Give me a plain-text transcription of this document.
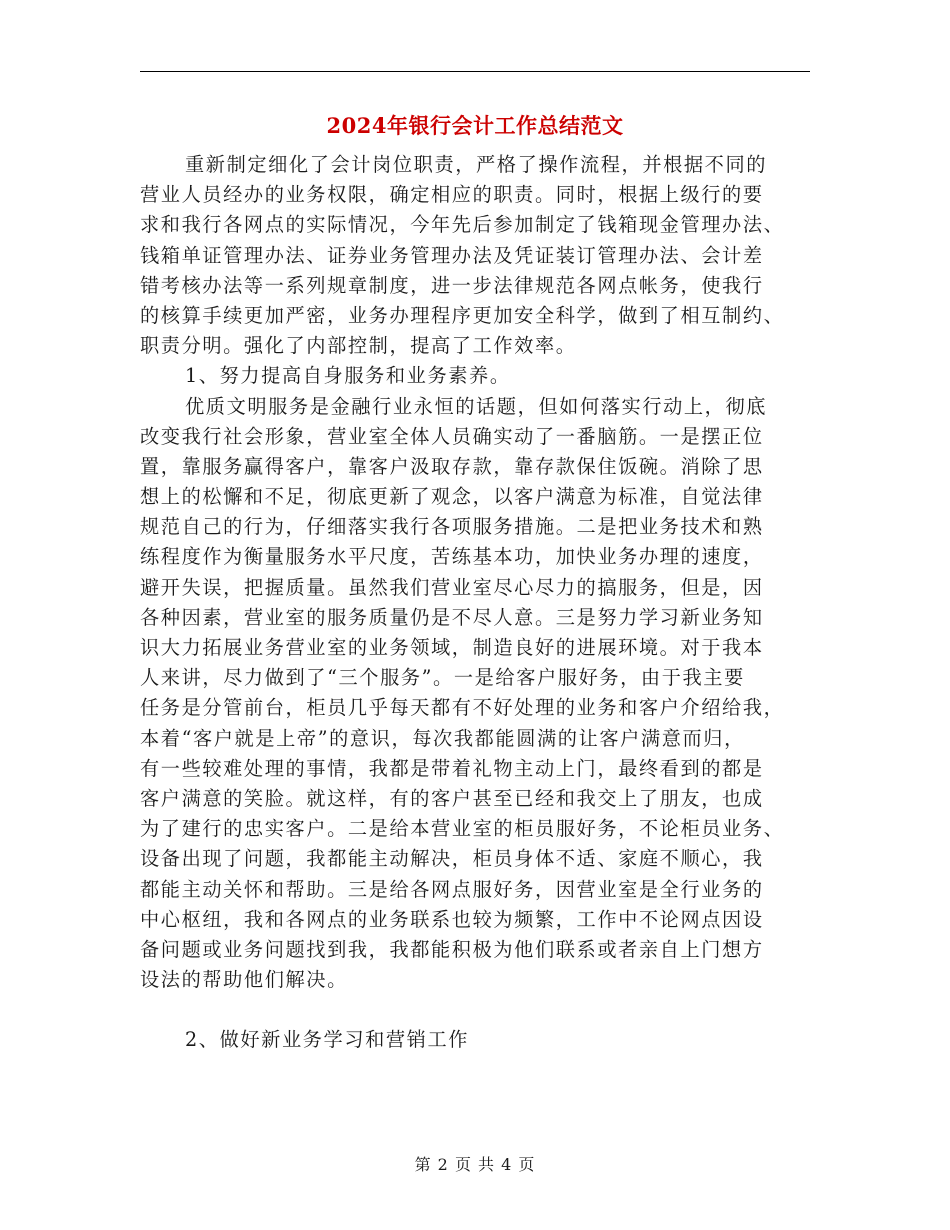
2024年银行会计工作总结范文
重新制定细化了会计岗位职责，严格了操作流程，并根据不同的
营业人员经办的业务权限，确定相应的职责。同时，根据上级行的要
求和我行各网点的实际情况，今年先后参加制定了钱箱现金管理办法、
钱箱单证管理办法、证券业务管理办法及凭证装订管理办法、会计差
错考核办法等一系列规章制度，进一步法律规范各网点帐务，使我行
的核算手续更加严密，业务办理程序更加安全科学，做到了相互制约、
职责分明。强化了内部控制，提高了工作效率。
1、努力提高自身服务和业务素养。
优质文明服务是金融行业永恒的话题，但如何落实行动上，彻底
改变我行社会形象，营业室全体人员确实动了一番脑筋。一是摆正位
置，靠服务赢得客户，靠客户汲取存款，靠存款保住饭碗。消除了思
想上的松懈和不足，彻底更新了观念，以客户满意为标准，自觉法律
规范自己的行为，仔细落实我行各项服务措施。二是把业务技术和熟
练程度作为衡量服务水平尺度，苦练基本功，加快业务办理的速度，
避开失误，把握质量。虽然我们营业室尽心尽力的搞服务，但是，因
各种因素，营业室的服务质量仍是不尽人意。三是努力学习新业务知
识大力拓展业务营业室的业务领域，制造良好的进展环境。对于我本
人来讲，尽力做到了“三个服务”。一是给客户服好务，由于我主要
任务是分管前台，柜员几乎每天都有不好处理的业务和客户介绍给我，
本着“客户就是上帝”的意识，每次我都能圆满的让客户满意而归，
有一些较难处理的事情，我都是带着礼物主动上门，最终看到的都是
客户满意的笑脸。就这样，有的客户甚至已经和我交上了朋友，也成
为了建行的忠实客户。二是给本营业室的柜员服好务，不论柜员业务、
设备出现了问题，我都能主动解决，柜员身体不适、家庭不顺心，我
都能主动关怀和帮助。三是给各网点服好务，因营业室是全行业务的
中心枢纽，我和各网点的业务联系也较为频繁，工作中不论网点因设
备问题或业务问题找到我，我都能积极为他们联系或者亲自上门想方
设法的帮助他们解决。
2、做好新业务学习和营销工作
第 2 页 共 4 页
